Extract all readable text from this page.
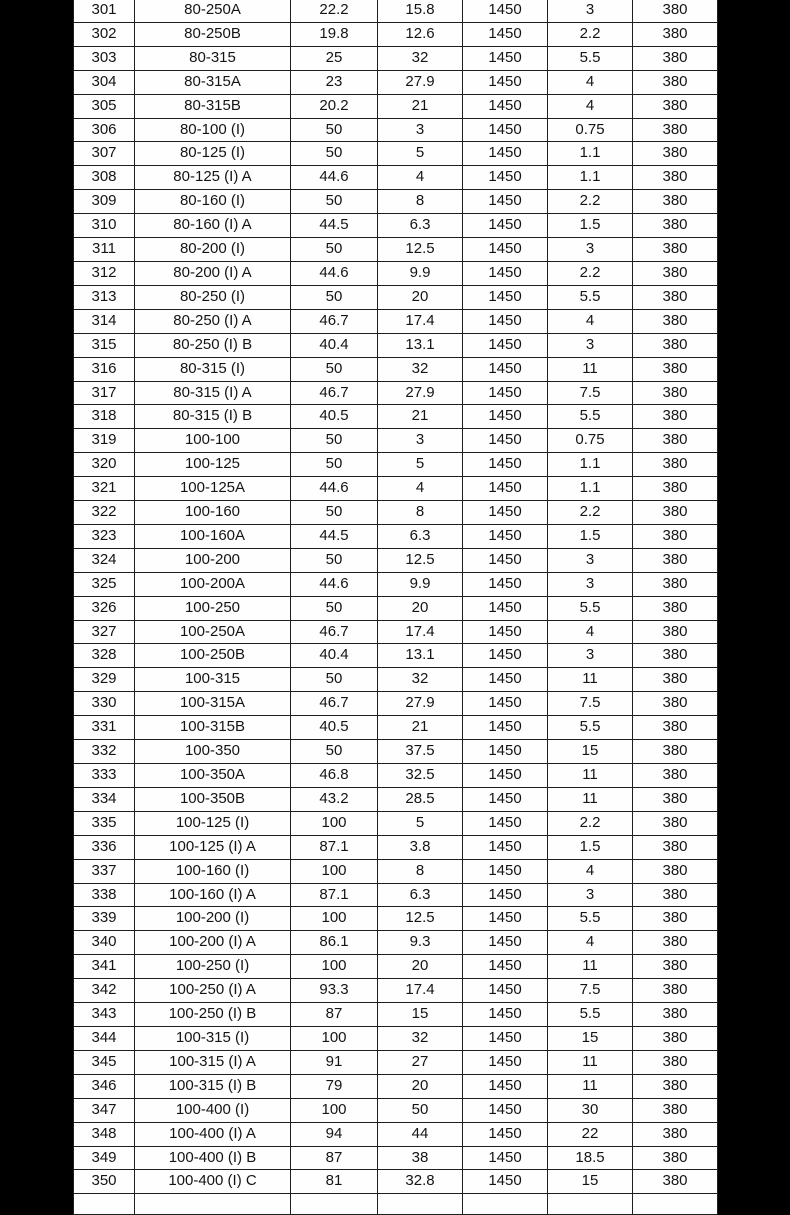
301	80-250A	22.2	15.8	1450	3	380
302	80-250B	19.8	12.6	1450	2.2	380
303	80-315	25	32	1450	5.5	380
304	80-315A	23	27.9	1450	4	380
305	80-315B	20.2	21	1450	4	380
306	80-100 (I)	50	3	1450	0.75	380
307	80-125 (I)	50	5	1450	1.1	380
308	80-125 (I) A	44.6	4	1450	1.1	380
309	80-160 (I)	50	8	1450	2.2	380
310	80-160 (I) A	44.5	6.3	1450	1.5	380
311	80-200 (I)	50	12.5	1450	3	380
312	80-200 (I) A	44.6	9.9	1450	2.2	380
313	80-250 (I)	50	20	1450	5.5	380
314	80-250 (I) A	46.7	17.4	1450	4	380
315	80-250 (I) B	40.4	13.1	1450	3	380
316	80-315 (I)	50	32	1450	11	380
317	80-315 (I) A	46.7	27.9	1450	7.5	380
318	80-315 (I) B	40.5	21	1450	5.5	380
319	100-100	50	3	1450	0.75	380
320	100-125	50	5	1450	1.1	380
321	100-125A	44.6	4	1450	1.1	380
322	100-160	50	8	1450	2.2	380
323	100-160A	44.5	6.3	1450	1.5	380
324	100-200	50	12.5	1450	3	380
325	100-200A	44.6	9.9	1450	3	380
326	100-250	50	20	1450	5.5	380
327	100-250A	46.7	17.4	1450	4	380
328	100-250B	40.4	13.1	1450	3	380
329	100-315	50	32	1450	11	380
330	100-315A	46.7	27.9	1450	7.5	380
331	100-315B	40.5	21	1450	5.5	380
332	100-350	50	37.5	1450	15	380
333	100-350A	46.8	32.5	1450	11	380
334	100-350B	43.2	28.5	1450	11	380
335	100-125 (I)	100	5	1450	2.2	380
336	100-125 (I) A	87.1	3.8	1450	1.5	380
337	100-160 (I)	100	8	1450	4	380
338	100-160 (I) A	87.1	6.3	1450	3	380
339	100-200 (I)	100	12.5	1450	5.5	380
340	100-200 (I) A	86.1	9.3	1450	4	380
341	100-250 (I)	100	20	1450	11	380
342	100-250 (I) A	93.3	17.4	1450	7.5	380
343	100-250 (I) B	87	15	1450	5.5	380
344	100-315 (I)	100	32	1450	15	380
345	100-315 (I) A	91	27	1450	11	380
346	100-315 (I) B	79	20	1450	11	380
347	100-400 (I)	100	50	1450	30	380
348	100-400 (I) A	94	44	1450	22	380
349	100-400 (I) B	87	38	1450	18.5	380
350	100-400 (I) C	81	32.8	1450	15	380
